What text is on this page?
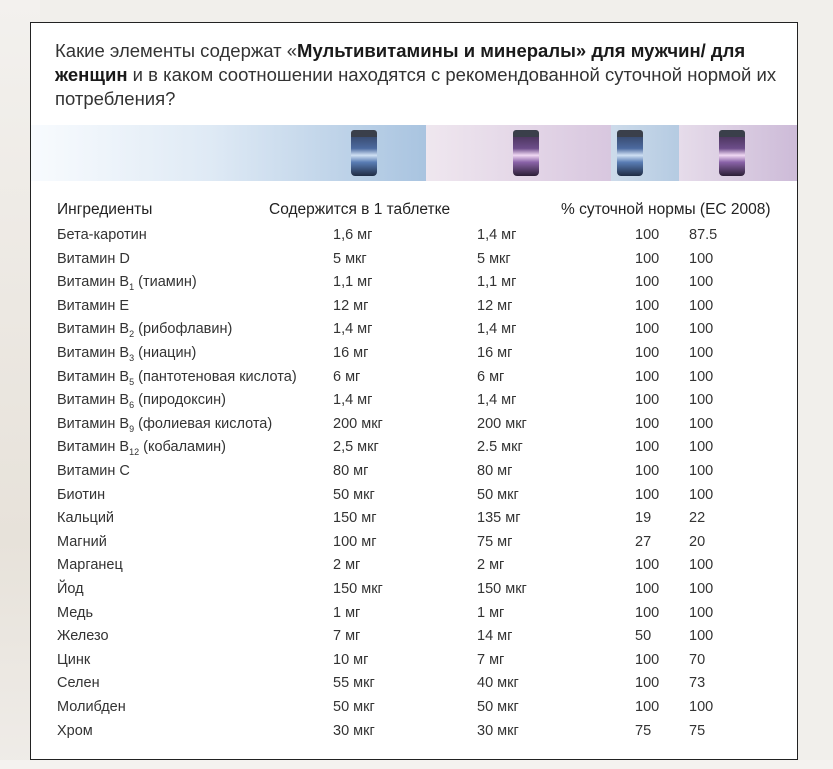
Какие элементы содержат «Мультивитамины и минералы» для мужчин/ для женщин и в каком соотношении находятся с рекомендованной суточной нормой их потребления?
Ингредиенты	Содержится в 1 таблетке	% суточной нормы (ЕС 2008)
Бета-каротин	1,6 мг	1,4 мг	100 87.5
Витамин D	5 мкг	5 мкг	100 100
Витамин $B_1$ (тиамин)	1,1 мг	1,1 мг	100 100
Витамин E	12 мг	12 мг	100 100
Витамин $B_2$ (рибофлавин)	1,4 мг	1,4 мг	100 100
Витамин $B_3$ (ниацин)	16 мг	16 мг	100 100
Витамин $B_5$ (пантотеновая кислота)	6 мг	6 мг	100 100
Витамин $B_6$ (пиродоксин)	1,4 мг	1,4 мг	100 100
Витамин $B_9$ (фолиевая кислота)	200 мкг	200 мкг	100 100
Витамин $B_{12}$ (кобаламин)	2,5 мкг	2.5 мкг	100 100
Витамин C	80 мг	80 мг	100 100
Биотин	50 мкг	50 мкг	100 100
Кальций	150 мг	135 мг	19	22
Магний	100 мг	75 мг	27	20
Марганец	2 мг	2 мг	100 100
Йод	150 мкг	150 мкг	100 100
Медь	1 мг	1 мг	100 100
Железо	7 мг	14 мг	50	100
Цинк	10 мг	7 мг	100 70
Селен	55 мкг	40 мкг	100 73
Молибден	50 мкг	50 мкг	100 100
Хром	30 мкг	30 мкг	75	75
